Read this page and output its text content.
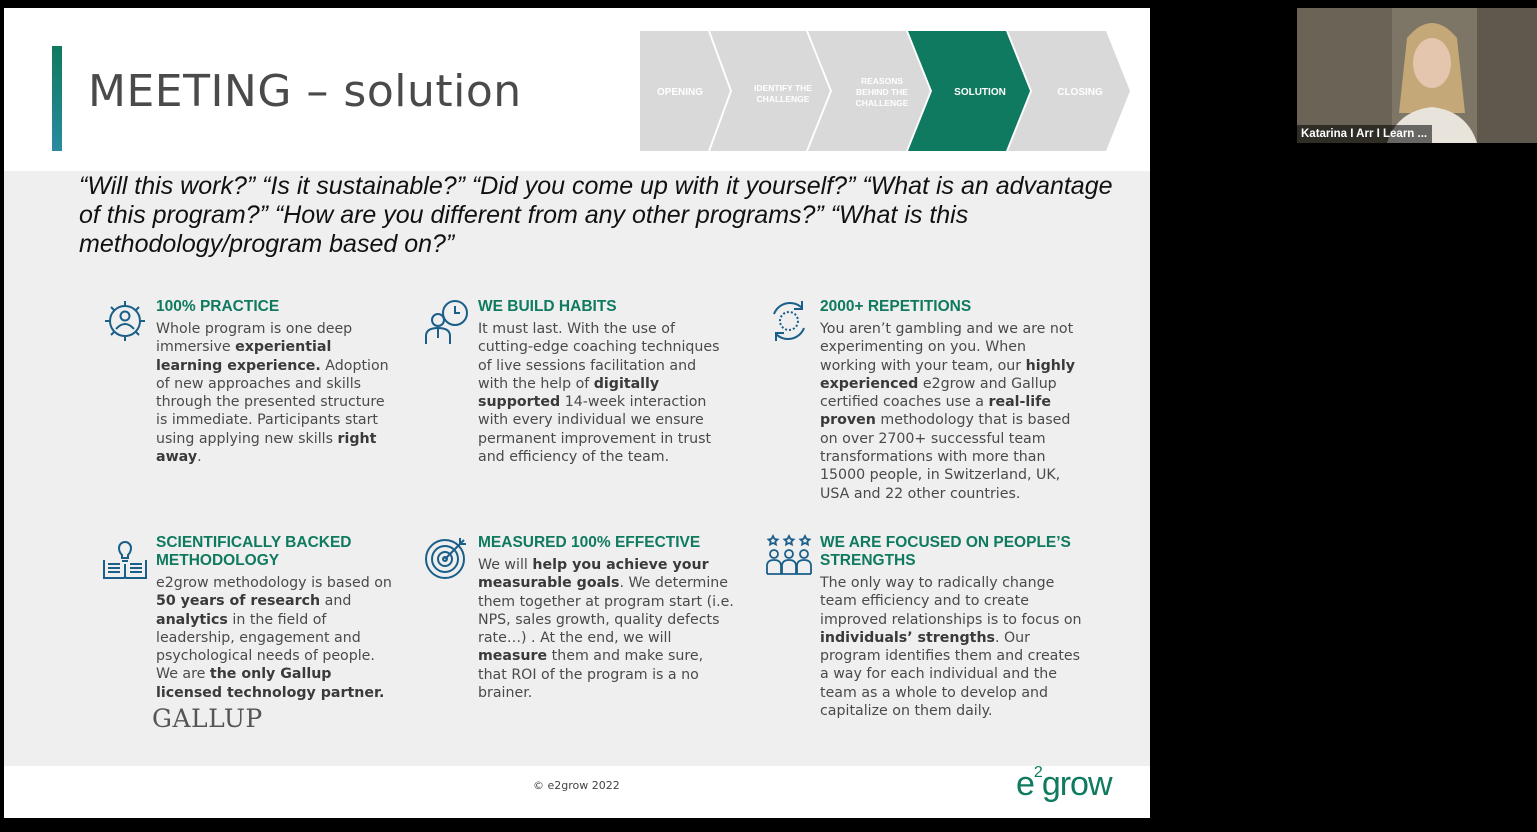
MEETING – solution	OPENING	IDENTIFY THE
CHALLENGE
REASONS
BEHIND THE
CHALLENGE
SOLUTION	CLOSING
“Will this work?” “Is it sustainable?” “Did you come up with it yourself?” “What is an advantage of this program?” “How are you different from any other programs?” “What is this methodology/program based on?”
100% PRACTICE
Whole program is one deep immersive experiential learning experience. Adoption of new approaches and skills through the presented structure is immediate. Participants start using applying new skills right away.
WE BUILD HABITS
It must last. With the use of cutting-edge coaching techniques of live sessions facilitation and with the help of digitally supported 14-week interaction with every individual we ensure permanent improvement in trust and efficiency of the team.
2000+ REPETITIONS
You aren’t gambling and we are not experimenting on you. When working with your team, our highly experienced e2grow and Gallup certified coaches use a real-life proven methodology that is based on over 2700+ successful team transformations with more than 15000 people, in Switzerland, UK, USA and 22 other countries.
SCIENTIFICALLY BACKED
METHODOLOGY
e2grow methodology is based on 50 years of research and analytics in the field of leadership, engagement and psychological needs of people. We are the only Gallup licensed technology partner.
GALLUP
MEASURED 100% EFFECTIVE
We will help you achieve your measurable goals. We determine them together at program start (i.e. NPS, sales growth, quality defects rate…) . At the end, we will measure them and make sure, that ROI of the program is a no brainer.
WE ARE FOCUSED ON PEOPLE’S
STRENGTHS
The only way to radically change team efficiency and to create improved relationships is to focus on individuals’ strengths. Our program identifies them and creates a way for each individual and the team as a whole to develop and capitalize on them daily.
© e2grow 2022	$e^2grow$
Katarina I Arr I Learn ...
